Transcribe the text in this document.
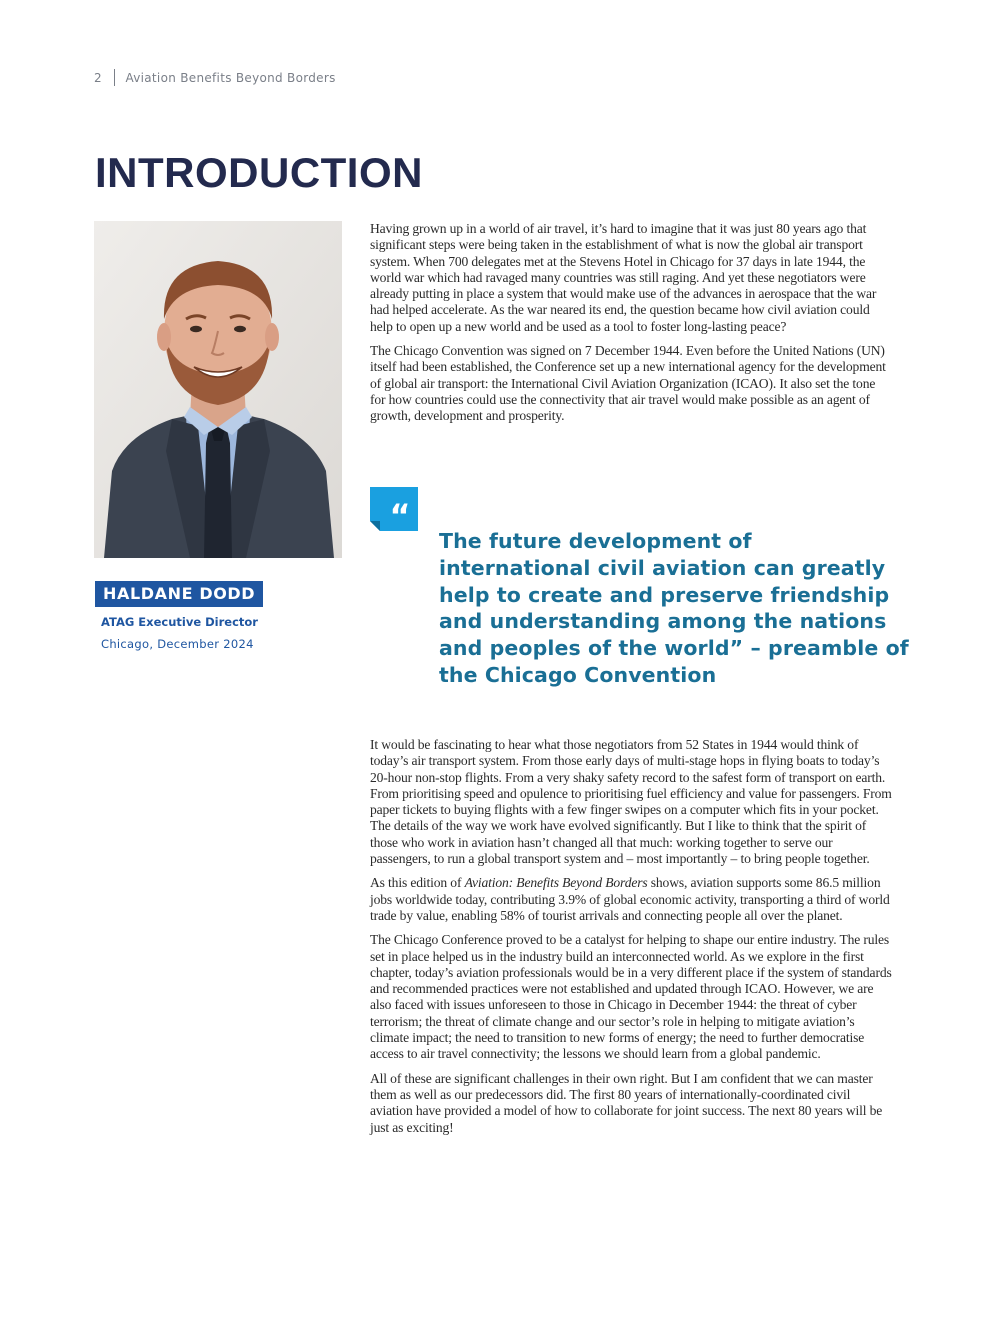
2 Aviation Benefits Beyond Borders
INTRODUCTION
HALDANE DODD
ATAG Executive Director
Chicago, December 2024

Having grown up in a world of air travel, it’s hard to imagine that it was just 80 years ago that significant steps were being taken in the establishment of what is now the global air transport system. When 700 delegates met at the Stevens Hotel in Chicago for 37 days in late 1944, the world war which had ravaged many countries was still raging. And yet these negotiators were already putting in place a system that would make use of the advances in aerospace that the war had helped accelerate. As the war neared its end, the question became how civil aviation could help to open up a new world and be used as a tool to foster long-lasting peace?

The Chicago Convention was signed on 7 December 1944. Even before the United Nations (UN) itself had been established, the Conference set up a new international agency for the development of global air transport: the International Civil Aviation Organization (ICAO). It also set the tone for how countries could use the connectivity that air travel would make possible as an agent of growth, development and prosperity.

“
The future development of international civil aviation can greatly help to create and preserve friendship and understanding among the nations and peoples of the world” – preamble of the Chicago Convention

It would be fascinating to hear what those negotiators from 52 States in 1944 would think of today’s air transport system. From those early days of multi-stage hops in flying boats to today’s 20-hour non-stop flights. From a very shaky safety record to the safest form of transport on earth. From prioritising speed and opulence to prioritising fuel efficiency and value for passengers. From paper tickets to buying flights with a few finger swipes on a computer which fits in your pocket. The details of the way we work have evolved significantly. But I like to think that the spirit of those who work in aviation hasn’t changed all that much: working together to serve our passengers, to run a global transport system and – most importantly – to bring people together.

As this edition of Aviation: Benefits Beyond Borders shows, aviation supports some 86.5 million jobs worldwide today, contributing 3.9% of global economic activity, transporting a third of world trade by value, enabling 58% of tourist arrivals and connecting people all over the planet.

The Chicago Conference proved to be a catalyst for helping to shape our entire industry. The rules set in place helped us in the industry build an interconnected world. As we explore in the first chapter, today’s aviation professionals would be in a very different place if the system of standards and recommended practices were not established and updated through ICAO. However, we are also faced with issues unforeseen to those in Chicago in December 1944: the threat of cyber terrorism; the threat of climate change and our sector’s role in helping to mitigate aviation’s climate impact; the need to transition to new forms of energy; the need to further democratise access to air travel connectivity; the lessons we should learn from a global pandemic.

All of these are significant challenges in their own right. But I am confident that we can master them as well as our predecessors did. The first 80 years of internationally-coordinated civil aviation have provided a model of how to collaborate for joint success. The next 80 years will be just as exciting!
